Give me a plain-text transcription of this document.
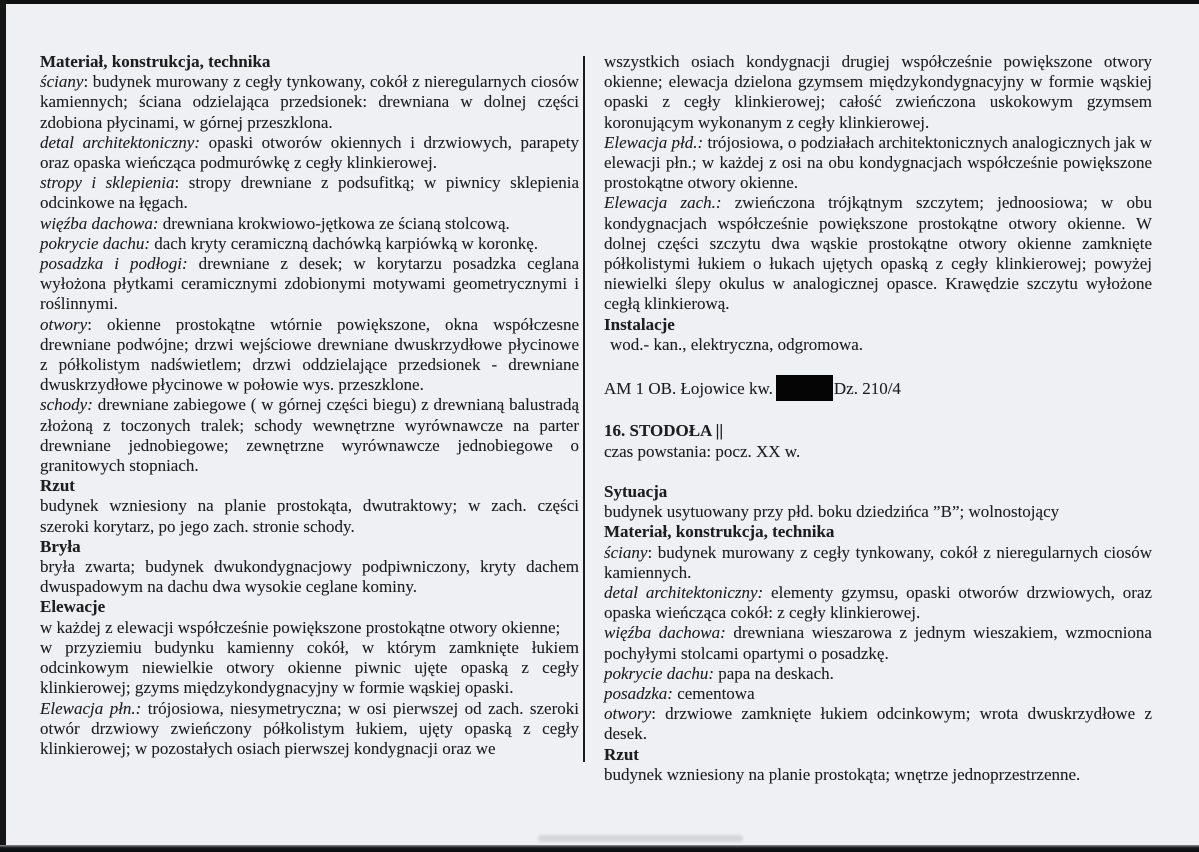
Materiał, konstrukcja, technika

ściany: budynek murowany z cegły tynkowany, cokół z nieregularnych ciosów kamiennych; ściana odzielająca przedsionek: drewniana w dolnej części zdobiona płycinami, w górnej przeszklona.

detal architektoniczny: opaski otworów okiennych i drzwiowych, parapety oraz opaska wieńcząca podmurówkę z cegły klinkierowej.

stropy i sklepienia: stropy drewniane z podsufitką; w piwnicy sklepienia odcinkowe na łęgach.

więźba dachowa: drewniana krokwiowo-jętkowa ze ścianą stolcową.

pokrycie dachu: dach kryty ceramiczną dachówką karpiówką w koronkę.

posadzka i podłogi: drewniane z desek; w korytarzu posadzka ceglana wyłożona płytkami ceramicznymi zdobionymi motywami geometrycznymi i roślinnymi.

otwory: okienne prostokątne wtórnie powiększone, okna współczesne drewniane podwójne; drzwi wejściowe drewniane dwuskrzydłowe płycinowe z półkolistym nadświetlem; drzwi oddzielające przedsionek - drewniane dwuskrzydłowe płycinowe w połowie wys. przeszklone.

schody: drewniane zabiegowe ( w górnej części biegu) z drewnianą balustradą złożoną z toczonych tralek; schody wewnętrzne wyrównawcze na parter drewniane jednobiegowe; zewnętrzne wyrównawcze jednobiegowe o granitowych stopniach.

Rzut

budynek wzniesiony na planie prostokąta, dwutraktowy; w zach. części szeroki korytarz, po jego zach. stronie schody.

Bryła

bryła zwarta; budynek dwukondygnacjowy podpiwniczony, kryty dachem dwuspadowym na dachu dwa wysokie ceglane kominy.

Elewacje

w każdej z elewacji współcześnie powiększone prostokątne otwory okienne;

w przyziemiu budynku kamienny cokół, w którym zamknięte łukiem odcinkowym niewielkie otwory okienne piwnic ujęte opaską z cegły klinkierowej; gzyms międzykondygnacyjny w formie wąskiej opaski.

Elewacja płn.: trójosiowa, niesymetryczna; w osi pierwszej od zach. szeroki otwór drzwiowy zwieńczony półkolistym łukiem, ujęty opaską z cegły klinkierowej; w pozostałych osiach pierwszej kondygnacji oraz we

wszystkich osiach kondygnacji drugiej współcześnie powiększone otwory okienne; elewacja dzielona gzymsem międzykondygnacyjny w formie wąskiej opaski z cegły klinkierowej; całość zwieńczona uskokowym gzymsem koronującym wykonanym z cegły klinkierowej.

Elewacja płd.: trójosiowa, o podziałach architektonicznych analogicznych jak w elewacji płn.; w każdej z osi na obu kondygnacjach współcześnie powiększone prostokątne otwory okienne.

Elewacja zach.: zwieńczona trójkątnym szczytem; jednoosiowa; w obu kondygnacjach współcześnie powiększone prostokątne otwory okienne. W dolnej części szczytu dwa wąskie prostokątne otwory okienne zamknięte półkolistymi łukiem o łukach ujętych opaską z cegły klinkierowej; powyżej niewielki ślepy okulus w analogicznej opasce. Krawędzie szczytu wyłożone cegłą klinkierową.

Instalacje

wod.- kan., elektryczna, odgromowa.

AM 1 OB. Łojowice kw.	Dz. 210/4

16. STODOŁA ||

czas powstania: pocz. XX w.

Sytuacja

budynek usytuowany przy płd. boku dziedzińca ”B”; wolnostojący

Materiał, konstrukcja, technika

ściany: budynek murowany z cegły tynkowany, cokół z nieregularnych ciosów kamiennych.

detal architektoniczny: elementy gzymsu, opaski otworów drzwiowych, oraz opaska wieńcząca cokół: z cegły klinkierowej.

więźba dachowa: drewniana wieszarowa z jednym wieszakiem, wzmocniona pochyłymi stolcami opartymi o posadzkę.

pokrycie dachu: papa na deskach.

posadzka: cementowa

otwory: drzwiowe zamknięte łukiem odcinkowym; wrota dwuskrzydłowe z desek.

Rzut

budynek wzniesiony na planie prostokąta; wnętrze jednoprzestrzenne.
